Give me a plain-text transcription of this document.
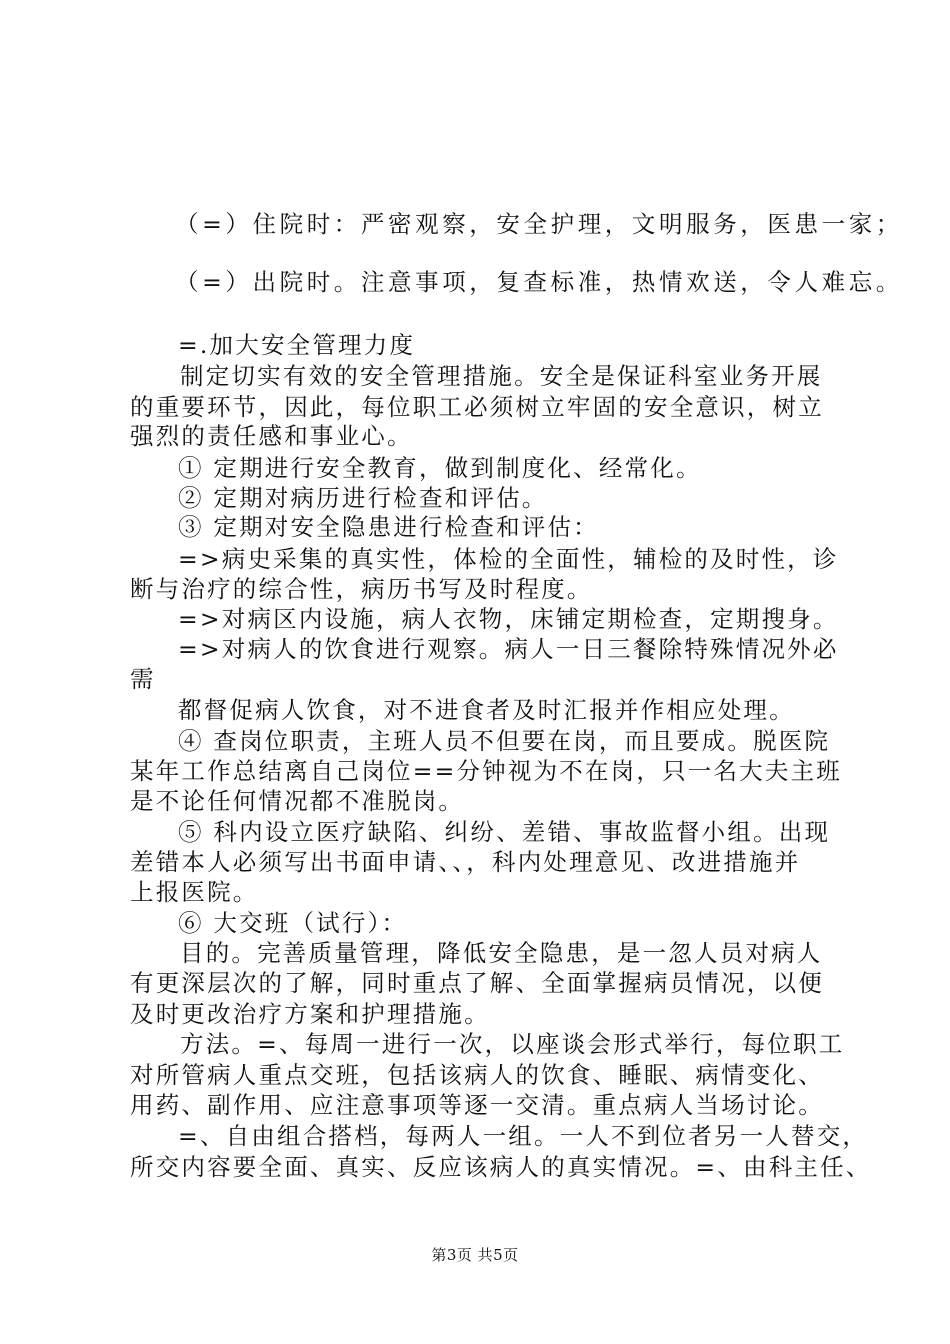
（=）住院时：严密观察，安全护理，文明服务，医患一家；
（=）出院时。注意事项，复查标准，热情欢送，令人难忘。
=.加大安全管理力度
制定切实有效的安全管理措施。安全是保证科室业务开展
的重要环节，因此，每位职工必须树立牢固的安全意识，树立
强烈的责任感和事业心。
① 定期进行安全教育，做到制度化、经常化。
② 定期对病历进行检查和评估。
③ 定期对安全隐患进行检查和评估：
=>病史采集的真实性，体检的全面性，辅检的及时性，诊
断与治疗的综合性，病历书写及时程度。
=>对病区内设施，病人衣物，床铺定期检查，定期搜身。
=>对病人的饮食进行观察。病人一日三餐除特殊情况外必
需
都督促病人饮食，对不进食者及时汇报并作相应处理。
④ 查岗位职责，主班人员不但要在岗，而且要成。脱医院
某年工作总结离自己岗位==分钟视为不在岗，只一名大夫主班
是不论任何情况都不准脱岗。
⑤ 科内设立医疗缺陷、纠纷、差错、事故监督小组。出现
差错本人必须写出书面申请、、，科内处理意见、改进措施并
上报医院。
⑥ 大交班（试行）：
目的。完善质量管理，降低安全隐患，是一忽人员对病人
有更深层次的了解，同时重点了解、全面掌握病员情况，以便
及时更改治疗方案和护理措施。
方法。=、每周一进行一次，以座谈会形式举行，每位职工
对所管病人重点交班，包括该病人的饮食、睡眠、病情变化、
用药、副作用、应注意事项等逐一交清。重点病人当场讨论。
=、自由组合搭档，每两人一组。一人不到位者另一人替交，
所交内容要全面、真实、反应该病人的真实情况。=、由科主任、
第3页 共5页
